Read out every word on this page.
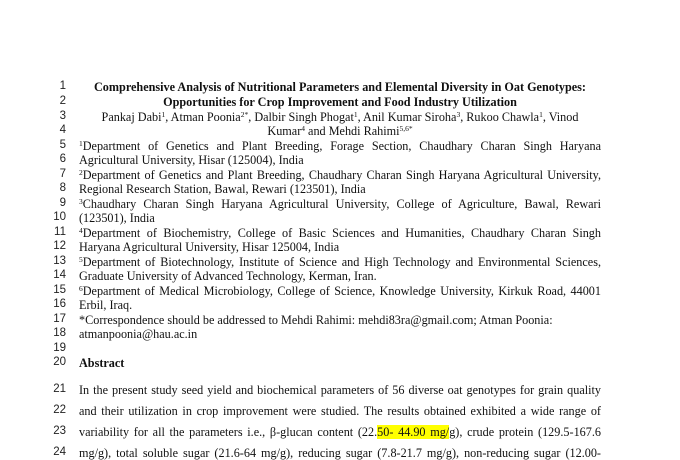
1
2
3
4
5
6
7
8
9
10
11
12
13
14
15
16
17
18
19
20
21
22
23
24
Comprehensive Analysis of Nutritional Parameters and Elemental Diversity in Oat Genotypes:
Opportunities for Crop Improvement and Food Industry Utilization
Pankaj Dabi$^1$, Atman Poonia$^{2*}$, Dalbir Singh Phogat$^1$, Anil Kumar Siroha$^3$, Rukoo Chawla$^1$, Vinod
Kumar$^4$ and Mehdi Rahimi$^{5,6*}$
$^1$Department of Genetics and Plant Breeding, Forage Section, Chaudhary Charan Singh Haryana
Agricultural University, Hisar (125004), India
$^2$Department of Genetics and Plant Breeding, Chaudhary Charan Singh Haryana Agricultural University,
Regional Research Station, Bawal, Rewari (123501), India
$^3$Chaudhary Charan Singh Haryana Agricultural University, College of Agriculture, Bawal, Rewari
(123501), India
$^4$Department of Biochemistry, College of Basic Sciences and Humanities, Chaudhary Charan Singh
Haryana Agricultural University, Hisar 125004, India
$^5$Department of Biotechnology, Institute of Science and High Technology and Environmental Sciences,
Graduate University of Advanced Technology, Kerman, Iran.
$^6$Department of Medical Microbiology, College of Science, Knowledge University, Kirkuk Road, 44001
Erbil, Iraq.
*Correspondence should be addressed to Mehdi Rahimi: mehdi83ra@gmail.com; Atman Poonia:
atmanpoonia@hau.ac.in
Abstract
In the present study seed yield and biochemical parameters of 56 diverse oat genotypes for grain quality
and their utilization in crop improvement were studied. The results obtained exhibited a wide range of
variability for all the parameters i.e., β-glucan content (22.50- 44.90 mg/g), crude protein (129.5-167.6
mg/g), total soluble sugar (21.6-64 mg/g), reducing sugar (7.8-21.7 mg/g), non-reducing sugar (12.00-
